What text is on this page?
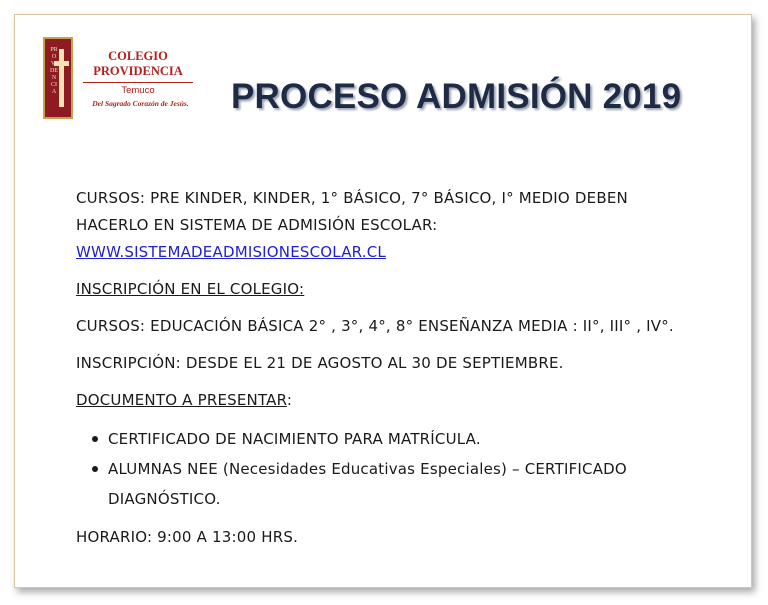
PROVIDENCIA
COLEGIO
PROVIDENCIA
Temuco
Del Sagrado Corazón de Jesús.	PROCESO ADMISIÓN 2019
CURSOS: PRE KINDER, KINDER, 1° BÁSICO, 7° BÁSICO, I° MEDIO DEBEN
HACERLO EN SISTEMA DE ADMISIÓN ESCOLAR:
WWW.SISTEMADEADMISIONESCOLAR.CL
INSCRIPCIÓN EN EL COLEGIO:
CURSOS: EDUCACIÓN BÁSICA 2° , 3°, 4°, 8° ENSEÑANZA MEDIA : II°, III° , IV°.
INSCRIPCIÓN: DESDE EL 21 DE AGOSTO AL 30 DE SEPTIEMBRE.
DOCUMENTO A PRESENTAR:
CERTIFICADO DE NACIMIENTO PARA MATRÍCULA.
ALUMNAS NEE (Necesidades Educativas Especiales) – CERTIFICADO
DIAGNÓSTICO.
HORARIO: 9:00 A 13:00 HRS.
